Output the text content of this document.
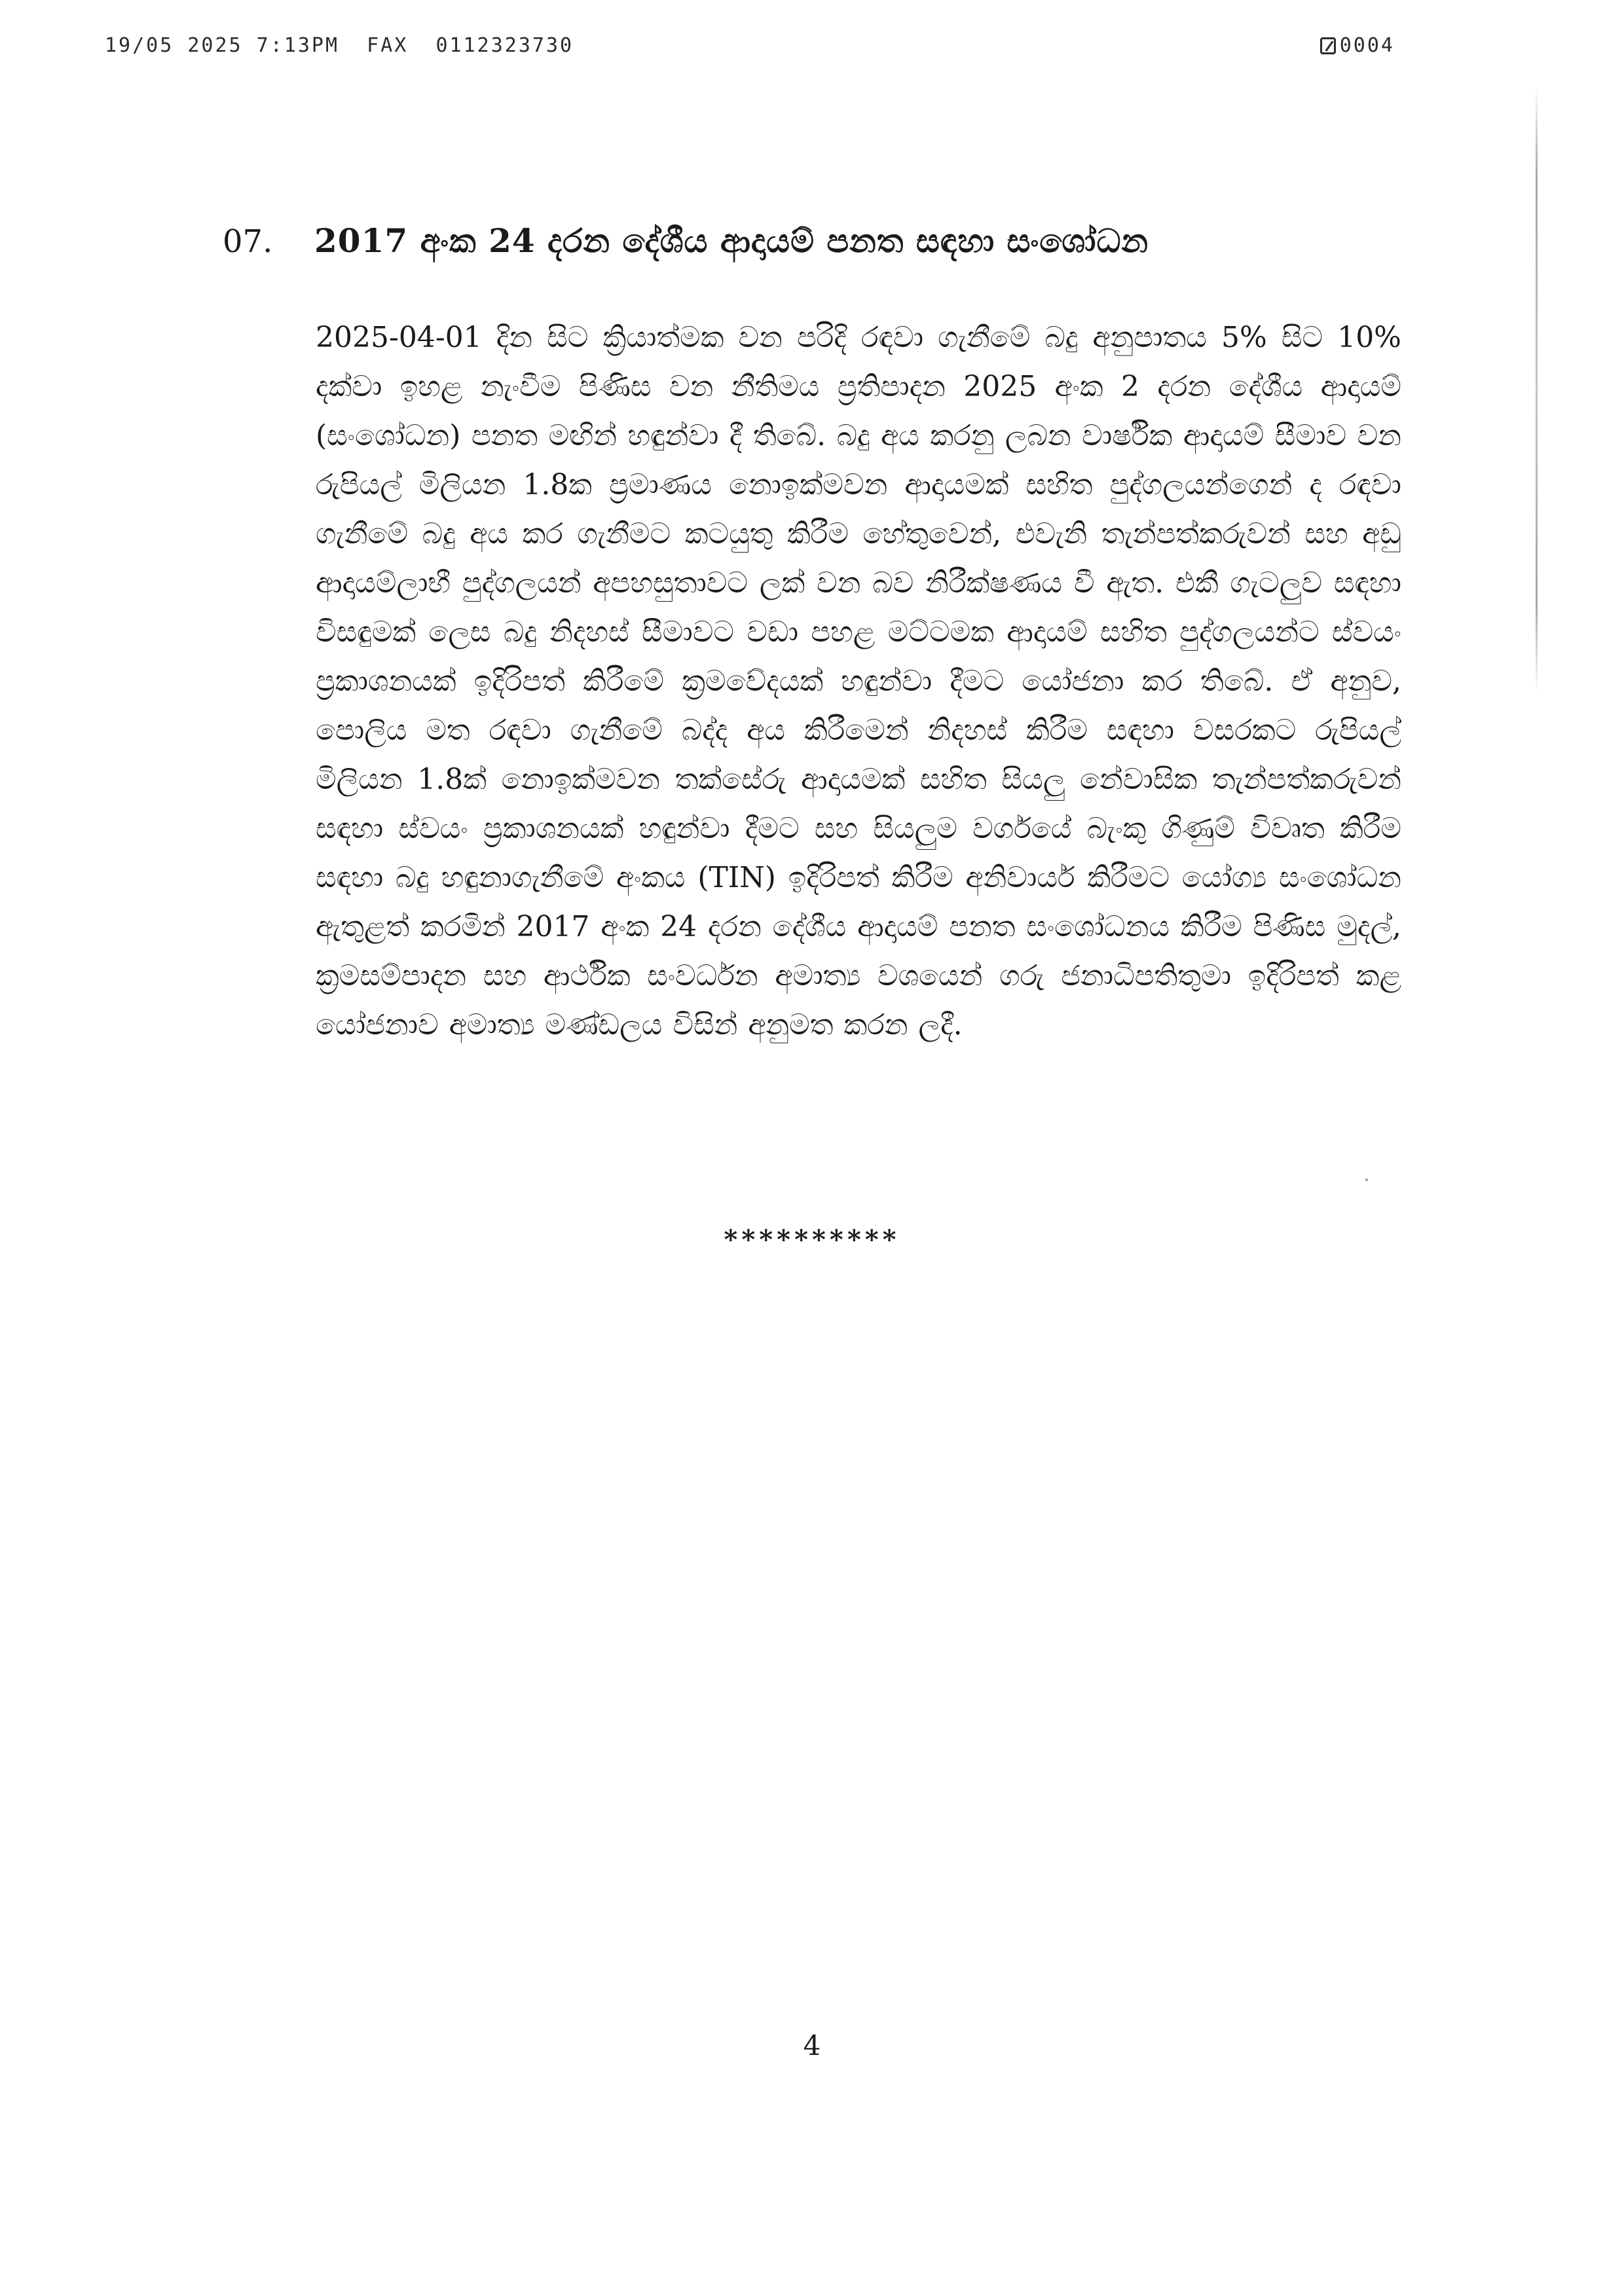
19/05 2025 7:13PM  FAX  0112323730	0004
07.	2017 අංක 24 දරන දේශීය ආදායම් පනත සඳහා සංශෝධන
2025-04-01 දින සිට ක්‍රියාත්මක වන පරිදි රඳවා ගැනීමේ බදු අනුපාතය 5% සිට 10% දක්වා ඉහළ නැංවීම පිණිස වන නීතිමය ප්‍රතිපාදන 2025 අංක 2 දරන දේශීය ආදායම් (සංශෝධන) පනත මඟින් හඳුන්වා දී තිබේ. බදු අය කරනු ලබන වාර්ෂික ආදායම් සීමාව වන රුපියල් මිලියන 1.8ක ප්‍රමාණය නොඉක්මවන ආදායමක් සහිත පුද්ගලයන්ගෙන් ද රඳවා ගැනීමේ බදු අය කර ගැනීමට කටයුතු කිරීම හේතුවෙන්, එවැනි තැන්පත්කරුවන් සහ අඩු ආදායම්ලාභී පුද්ගලයන් අපහසුතාවට ලක් වන බව නිරීක්ෂණය වී ඇත. එකී ගැටලුව සඳහා විසඳුමක් ලෙස බදු නිදහස් සීමාවට වඩා පහළ මට්ටමක ආදායම් සහිත පුද්ගලයන්ට ස්වයං ප්‍රකාශනයක් ඉදිරිපත් කිරීමේ ක්‍රමවේදයක් හඳුන්වා දීමට යෝජනා කර තිබේ. ඒ අනුව, පොලිය මත රඳවා ගැනීමේ බද්ද අය කිරීමෙන් නිදහස් කිරීම සඳහා වසරකට රුපියල් මිලියන 1.8ක් නොඉක්මවන තක්සේරු ආදායමක් සහිත සියලු නේවාසික තැන්පත්කරුවන් සඳහා ස්වයං ප්‍රකාශනයක් හඳුන්වා දීමට සහ සියලුම වර්ගයේ බැංකු ගිණුම් විවෘත කිරීම සඳහා බදු හඳුනාගැනීමේ අංකය (TIN) ඉදිරිපත් කිරීම අනිවාර්ය කිරීමට යෝග්‍ය සංශෝධන ඇතුළත් කරමින් 2017 අංක 24 දරන දේශීය ආදායම් පනත සංශෝධනය කිරීම පිණිස මුදල්, ක්‍රමසම්පාදන සහ ආර්ථික සංවර්ධන අමාත්‍ය වශයෙන් ගරු ජනාධිපතිතුමා ඉදිරිපත් කළ යෝජනාව අමාත්‍ය මණ්ඩලය විසින් අනුමත කරන ලදී.
**********
4
